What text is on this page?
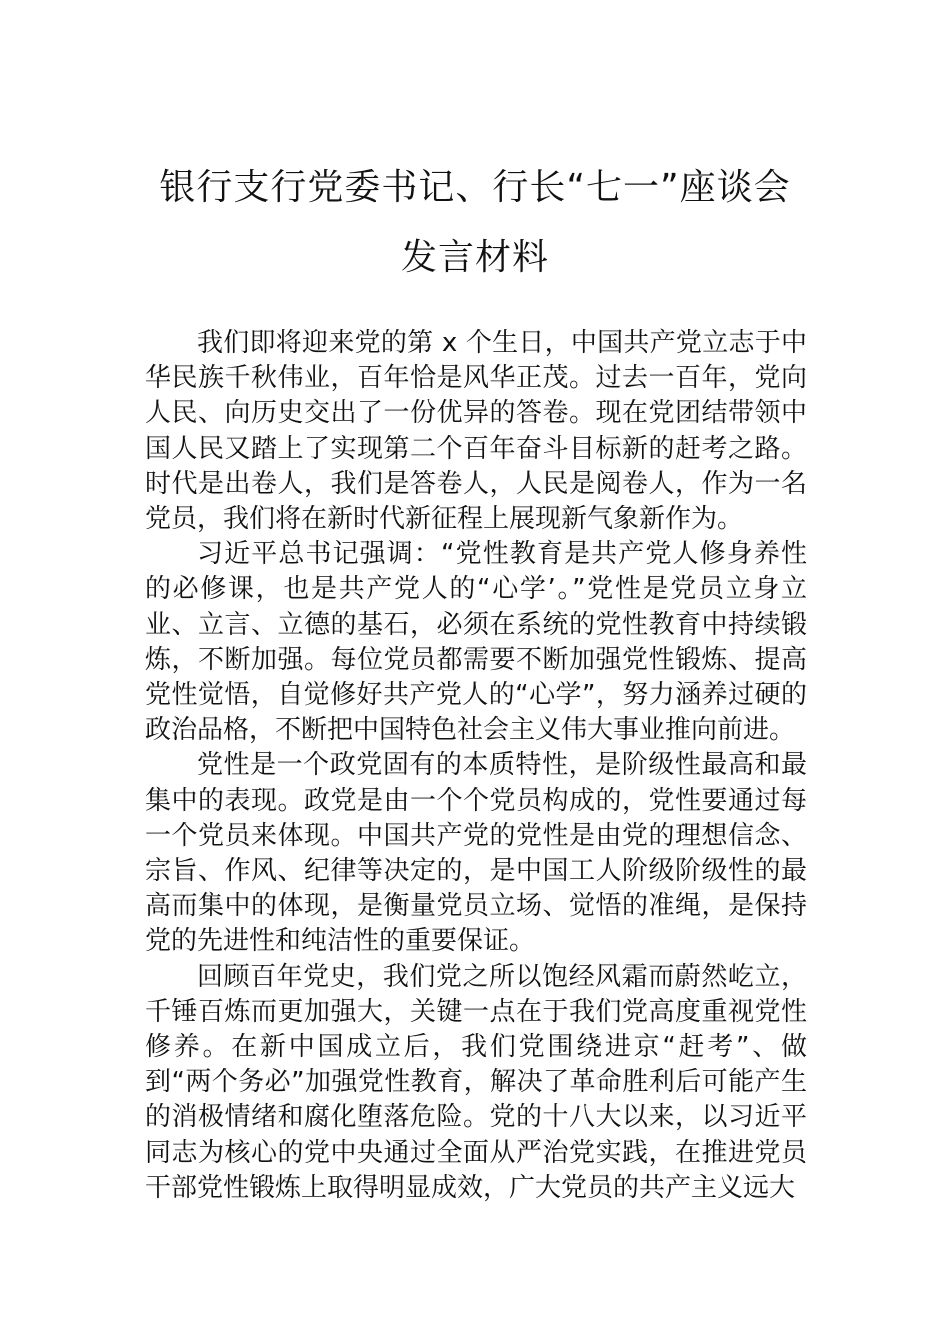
银行支行党委书记、行长“七一”座谈会
发言材料

我们即将迎来党的第 x 个生日，中国共产党立志于中华民族千秋伟业，百年恰是风华正茂。过去一百年，党向人民、向历史交出了一份优异的答卷。现在党团结带领中国人民又踏上了实现第二个百年奋斗目标新的赶考之路。时代是出卷人，我们是答卷人，人民是阅卷人，作为一名党员，我们将在新时代新征程上展现新气象新作为。

习近平总书记强调：“党性教育是共产党人修身养性的必修课，也是共产党人的“心学’。”党性是党员立身立业、立言、立德的基石，必须在系统的党性教育中持续锻炼，不断加强。每位党员都需要不断加强党性锻炼、提高党性觉悟，自觉修好共产党人的“心学”，努力涵养过硬的政治品格，不断把中国特色社会主义伟大事业推向前进。

党性是一个政党固有的本质特性，是阶级性最高和最集中的表现。政党是由一个个党员构成的，党性要通过每一个党员来体现。中国共产党的党性是由党的理想信念、宗旨、作风、纪律等决定的，是中国工人阶级阶级性的最高而集中的体现，是衡量党员立场、觉悟的准绳，是保持党的先进性和纯洁性的重要保证。

回顾百年党史，我们党之所以饱经风霜而蔚然屹立，千锤百炼而更加强大，关键一点在于我们党高度重视党性修养。在新中国成立后，我们党围绕进京“赶考”、做到“两个务必”加强党性教育，解决了革命胜利后可能产生的消极情绪和腐化堕落危险。党的十八大以来，以习近平同志为核心的党中央通过全面从严治党实践，在推进党员干部党性锻炼上取得明显成效，广大党员的共产主义远大
